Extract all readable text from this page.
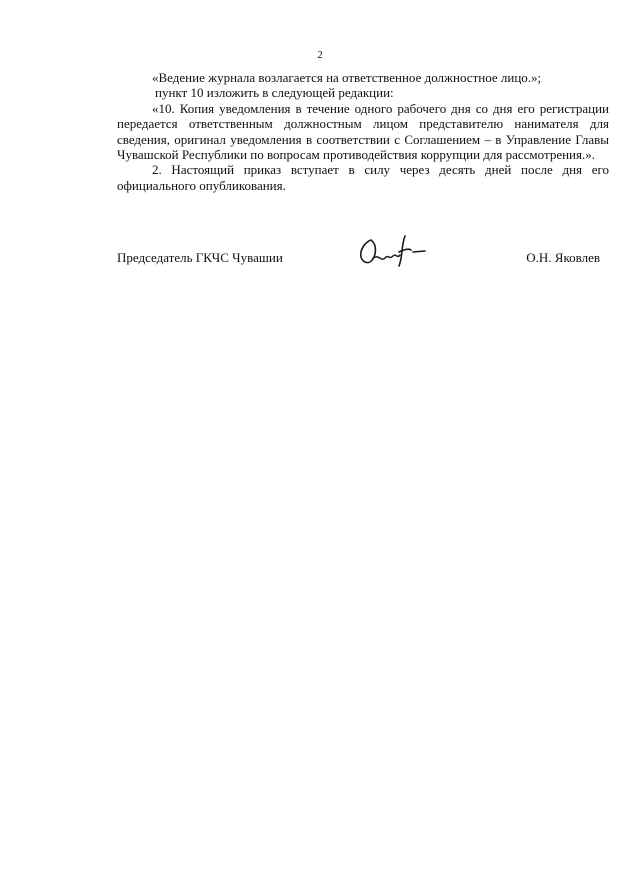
2

«Ведение журнала возлагается на ответственное должностное лицо.»;

пункт 10 изложить в следующей редакции:

«10. Копия уведомления в течение одного рабочего дня со дня его регистрации передается ответственным должностным лицом представителю нанимателя для сведения, оригинал уведомления в соответствии с Соглашением – в Управление Главы Чувашской Республики по вопросам противодействия коррупции для рассмотрения.».

2. Настоящий приказ вступает в силу через десять дней после дня его официального опубликования.

Председатель ГКЧС Чувашии	О.Н. Яковлев
